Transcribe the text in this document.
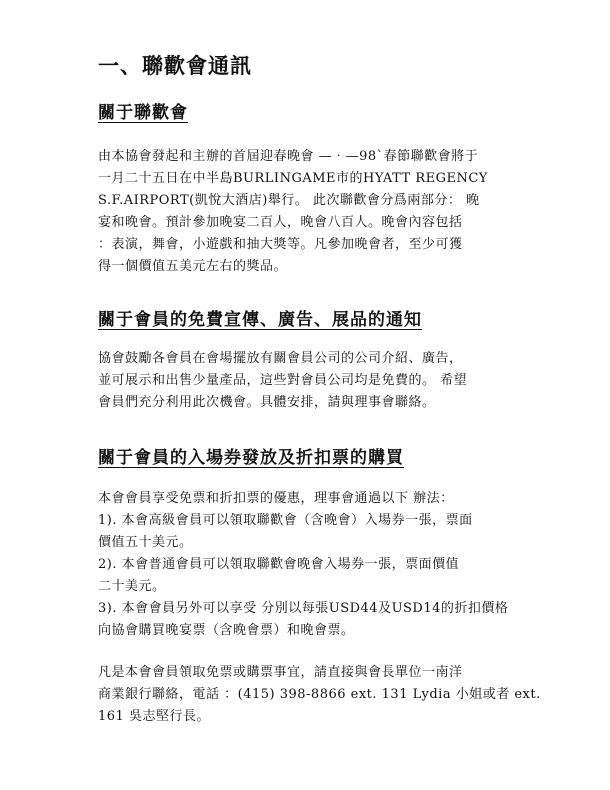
一、聯歡會通訊
關于聯歡會
由本協會發起和主辦的首屆迎春晚會 —‧—98`春節聯歡會將于
一月二十五日在中半島BURLINGAME市的HYATT REGENCY
S.F.AIRPORT(凱悅大酒店)舉行。 此次聯歡會分爲兩部分： 晚
宴和晚會。預計參加晚宴二百人，晚會八百人。晚會內容包括
：表演，舞會，小遊戲和抽大獎等。凡參加晚會者，至少可獲
得一個價值五美元左右的獎品。
關于會員的免費宣傳、廣告、展品的通知
協會鼓勵各會員在會場擺放有關會員公司的公司介紹、廣告，
並可展示和出售少量產品，這些對會員公司均是免費的。 希望
會員們充分利用此次機會。具體安排，請與理事會聯絡。
關于會員的入場券發放及折扣票的購買
本會會員享受免票和折扣票的優惠，理事會通過以下 辦法：
1). 本會高級會員可以領取聯歡會（含晚會）入場券一張，票面
價值五十美元。
2). 本會普通會員可以領取聯歡會晚會入場券一張，票面價值
二十美元。
3). 本會會員另外可以享受 分別以每張USD44及USD14的折扣價格
向協會購買晚宴票（含晚會票）和晚會票。
凡是本會會員領取免票或購票事宜，請直接與會長單位一南洋
商業銀行聯絡，電話 ：(415) 398-8866 ext. 131 Lydia 小姐或者 ext.
161 吳志堅行長。
